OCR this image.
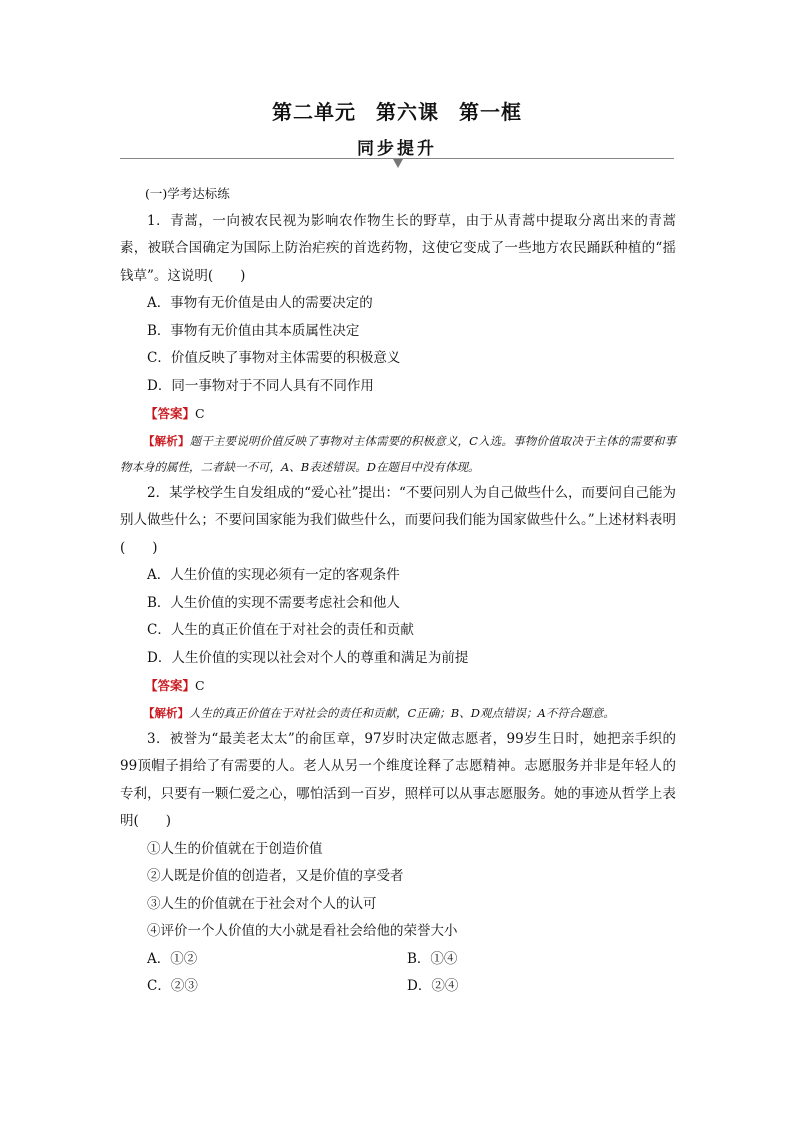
第二单元 第六课 第一框
同步提升

(一)学考达标练

1．青蒿，一向被农民视为影响农作物生长的野草，由于从青蒿中提取分离出来的青蒿素，被联合国确定为国际上防治疟疾的首选药物，这使它变成了一些地方农民踊跃种植的“摇钱草”。这说明(　　)

A．事物有无价值是由人的需要决定的

B．事物有无价值由其本质属性决定

C．价值反映了事物对主体需要的积极意义

D．同一事物对于不同人具有不同作用

【答案】C

【解析】题干主要说明价值反映了事物对主体需要的积极意义，C入选。事物价值取决于主体的需要和事物本身的属性，二者缺一不可，A、B表述错误。D在题目中没有体现。

2．某学校学生自发组成的“爱心社”提出：“不要问别人为自己做些什么，而要问自己能为别人做些什么；不要问国家能为我们做些什么，而要问我们能为国家做些什么。”上述材料表明(　　)

A．人生价值的实现必须有一定的客观条件

B．人生价值的实现不需要考虑社会和他人

C．人生的真正价值在于对社会的责任和贡献

D．人生价值的实现以社会对个人的尊重和满足为前提

【答案】C

【解析】人生的真正价值在于对社会的责任和贡献，C正确；B、D观点错误；A不符合题意。

3．被誉为“最美老太太”的俞匡章，97岁时决定做志愿者，99岁生日时，她把亲手织的99顶帽子捐给了有需要的人。老人从另一个维度诠释了志愿精神。志愿服务并非是年轻人的专利，只要有一颗仁爱之心，哪怕活到一百岁，照样可以从事志愿服务。她的事迹从哲学上表明(　　)

①人生的价值就在于创造价值

②人既是价值的创造者，又是价值的享受者

③人生的价值就在于社会对个人的认可

④评价一个人价值的大小就是看社会给他的荣誉大小

A．①②	B．①④
C．②③	D．②④
